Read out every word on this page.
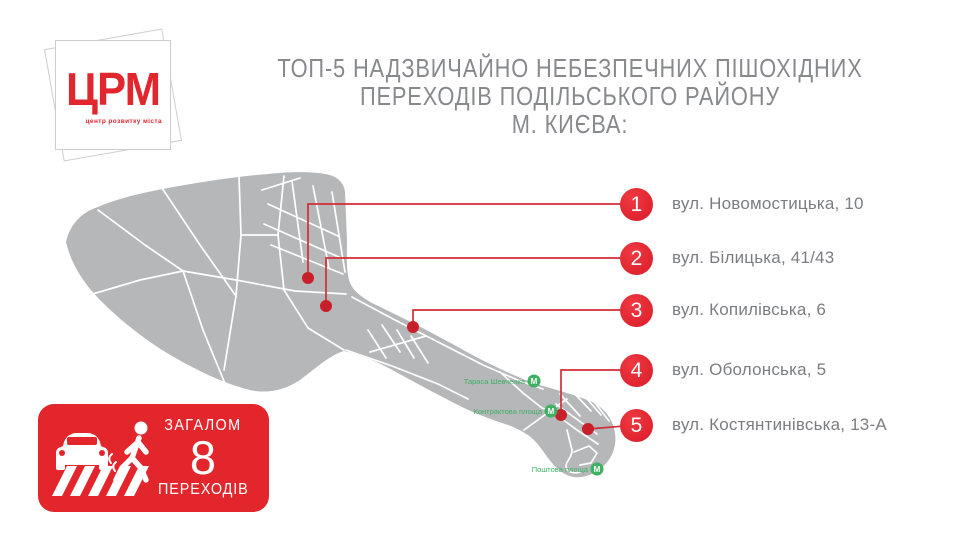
М
Тараса Шевченка
М
Контрактова площа
М
Поштова площа
ЦРМ
центр розвитку міста
ТОП-5 НАДЗВИЧАЙНО НЕБЕЗПЕЧНИХ ПІШОХІДНИХ
ПЕРЕХОДІВ ПОДІЛЬСЬКОГО РАЙОНУ
М. КИЄВА:
1 вул. Новомостицька, 10
2 вул. Білицька, 41/43
3 вул. Копилівська, 6
4 вул. Оболонська, 5
5 вул. Костянтинівська, 13-А
ЗАГАЛОМ
8
ПЕРЕХОДІВ
